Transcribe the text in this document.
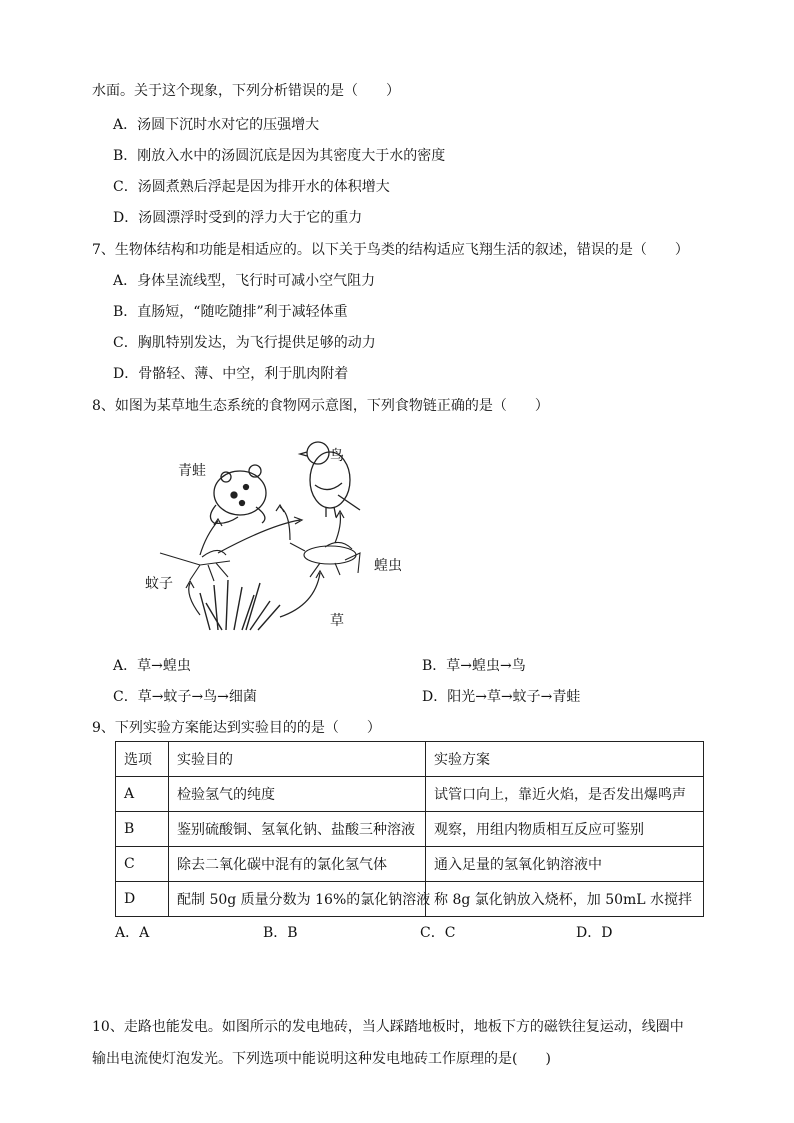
水面。关于这个现象，下列分析错误的是（　　）
A．汤圆下沉时水对它的压强增大
B．刚放入水中的汤圆沉底是因为其密度大于水的密度
C．汤圆煮熟后浮起是因为排开水的体积增大
D．汤圆漂浮时受到的浮力大于它的重力
7、生物体结构和功能是相适应的。以下关于鸟类的结构适应飞翔生活的叙述，错误的是（　　）
A．身体呈流线型，飞行时可减小空气阻力
B．直肠短，“随吃随排”利于减轻体重
C．胸肌特别发达，为飞行提供足够的动力
D．骨骼轻、薄、中空，利于肌肉附着
8、如图为某草地生态系统的食物网示意图，下列食物链正确的是（　　）
青蛙
鸟
蚊子
蝗虫
草
A．草→蝗虫	B．草→蝗虫→鸟
C．草→蚊子→鸟→细菌	D．阳光→草→蚊子→青蛙
9、下列实验方案能达到实验目的的是（　　）
选项	实验目的	实验方案
A	检验氢气的纯度	试管口向上，靠近火焰，是否发出爆鸣声
B	鉴别硫酸铜、氢氧化钠、盐酸三种溶液	观察，用组内物质相互反应可鉴别
C	除去二氧化碳中混有的氯化氢气体	通入足量的氢氧化钠溶液中
D	配制 50g 质量分数为 16%的氯化钠溶液	称 8g 氯化钠放入烧杯，加 50mL 水搅拌
A．A	B．B	C．C	D．D
10、走路也能发电。如图所示的发电地砖，当人踩踏地板时，地板下方的磁铁往复运动，线圈中
输出电流使灯泡发光。下列选项中能说明这种发电地砖工作原理的是(　　)
